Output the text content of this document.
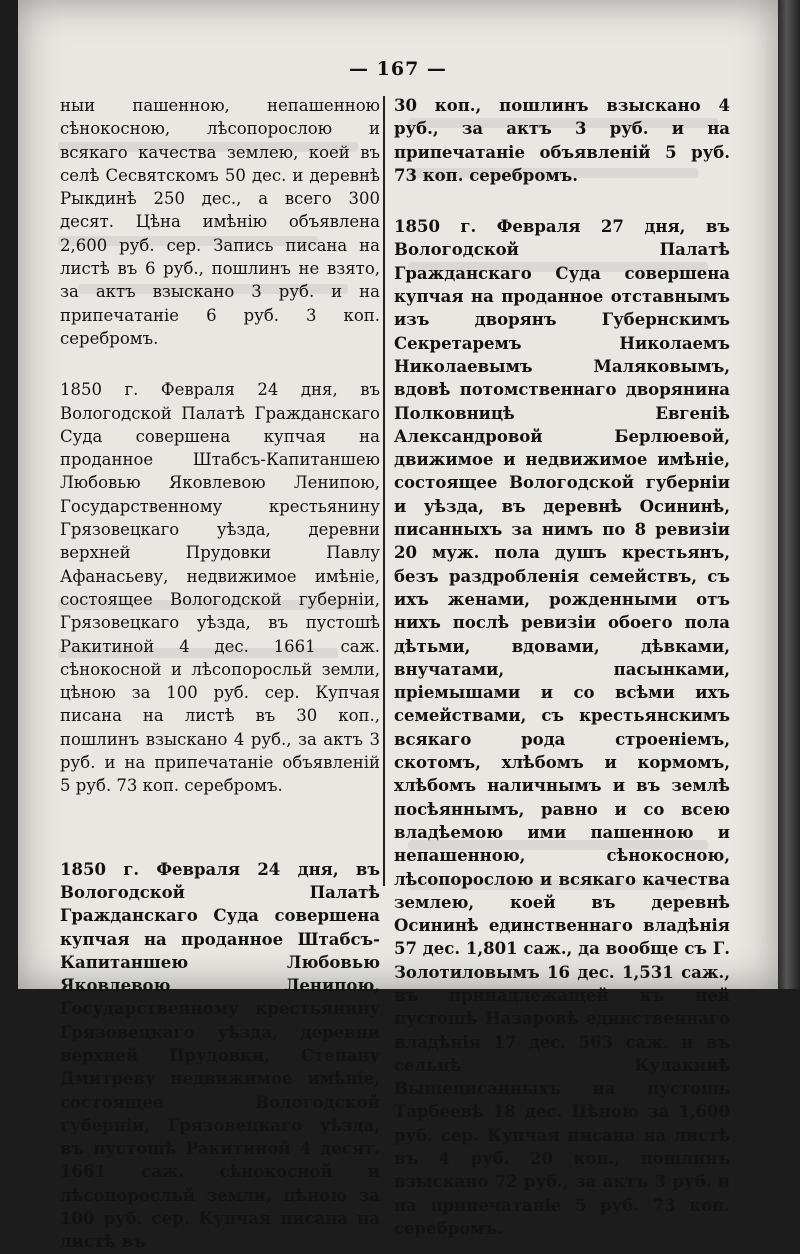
— 167 —

ныи пашеннoю, непашенною сѣнокосною, лѣсопорослою и всякаго качества землею, коей въ селѣ Сесвятскомъ 50 дес. и деревнѣ Рыкдинѣ 250 дес., а всего 300 десят. Цѣна имѣнію объявлена 2,600 руб. сер. Запись писана на листѣ въ 6 руб., пошлинъ не взято, за актъ взыскано 3 руб. и на припечатаніе 6 руб. 3 коп. серебромъ.

1850 г. Февраля 24 дня, въ Вологодской Палатѣ Гражданскаго Суда совершена купчая на проданное Штабсъ-Капитаншею Любовью Яковлевою Ленипою, Государственному крестьянину Грязовецкаго уѣзда, деревни верхней Прудовки Павлу Афанасьеву, недвижимое имѣніе, состоящее Вологодской губерніи, Грязовецкаго уѣзда, въ пустошѣ Ракитиной 4 дес. 1661 саж. сѣнокосной и лѣсопоросльй земли, цѣною за 100 руб. сер. Купчая писана на листѣ въ 30 коп., пошлинъ взыскано 4 руб., за актъ 3 руб. и на припечатаніе объявленій 5 руб. 73 коп. серебромъ.

1850 г. Февраля 24 дня, въ Вологодской Палатѣ Гражданскаго Суда совершена купчая на проданное Штабсъ-Капитаншею Любовью Яковлевою Ленипою, Государственному крестьянину Грязовецкаго уѣзда, деревни верхней Прудовки, Степану Дмитреву недвижимое имѣніе, состоящее Вологодской губерніи, Грязовецкаго уѣзда, въ пустошѣ Ракитиной 4 десят. 1661 саж. сѣнокосной и лѣсопоросльй земли, цѣною за 100 руб. сер. Купчая писана на листѣ въ

30 коп., пошлинъ взыскано 4 руб., за актъ 3 руб. и на припечатаніе объявленій 5 руб. 73 коп. серебромъ.

1850 г. Февраля 27 дня, въ Вологодской Палатѣ Гражданскаго Суда совершена купчая на проданное отставнымъ изъ дворянъ Губернскимъ Секретаремъ Николаемъ Николаевымъ Маляковымъ, вдовѣ потомственнаго дворянина Полковницѣ Евгеніѣ Александровой Берлюевой, движимое и недвижимое имѣніе, состоящее Вологодской губерніи и уѣзда, въ деревнѣ Осининѣ, писанныхъ за нимъ по 8 ревизіи 20 муж. пола душъ крестьянъ, безъ раздробленія семействъ, съ ихъ женами, рожденными отъ нихъ послѣ ревизіи обоего пола дѣтьми, вдовами, дѣвками, внучатами, пасынками, пріемышами и со всѣми ихъ семействами, съ крестьянскимъ всякаго рода строеніемъ, скотомъ, хлѣбомъ и кормомъ, хлѣбомъ наличнымъ и въ землѣ посѣяннымъ, равно и со всею владѣемою ими пашеннoю и непашенною, сѣнокосною, лѣсопорослою и всякаго качества землею, коей въ деревнѣ Осининѣ единственнаго владѣнія 57 дес. 1,801 саж., да вообще съ Г. Золотиловымъ 16 дес. 1,531 саж., въ принадлежащей къ ней пустошѣ Назаровѣ единственнаго владѣнія 17 дес. 563 саж. и въ сельцѣ Кулакинѣ Вышеписанныхъ на пустошь Тарбеевѣ 18 дес. Цѣною за 1,600 руб. сер. Купчая писана на листѣ въ 4 руб. 20 коп., пошлинъ взыскано 72 руб., за актъ 3 руб. и на припечатаніе 5 руб. 73 коп. серебромъ.
